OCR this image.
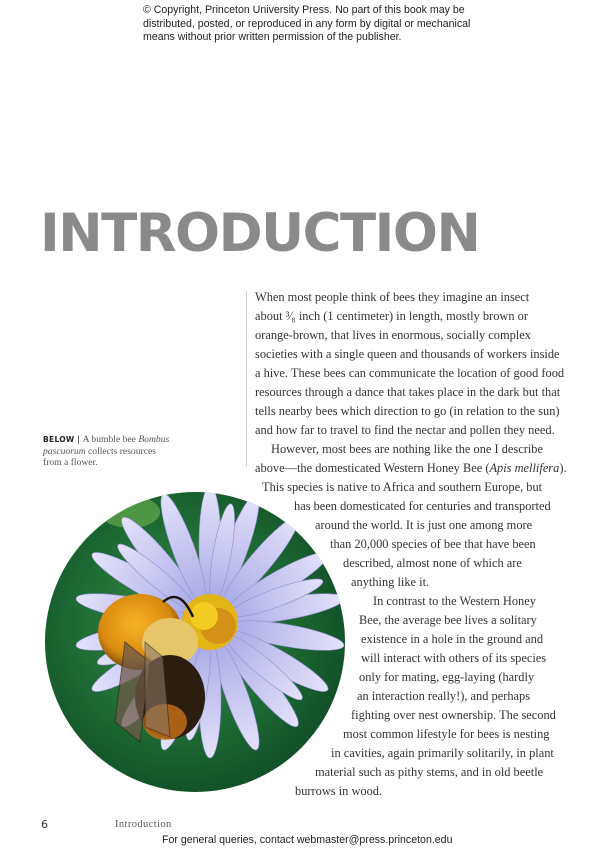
© Copyright, Princeton University Press. No part of this book may be
distributed, posted, or reproduced in any form by digital or mechanical
means without prior written permission of the publisher.
INTRODUCTION
When most people think of bees they imagine an insect
about ³⁄₈ inch (1 centimeter) in length, mostly brown or
orange-brown, that lives in enormous, socially complex
societies with a single queen and thousands of workers inside
a hive. These bees can communicate the location of good food
resources through a dance that takes place in the dark but that
tells nearby bees which direction to go (in relation to the sun)
and how far to travel to find the nectar and pollen they need.
However, most bees are nothing like the one I describe
above—the domesticated Western Honey Bee (Apis mellifera).
This species is native to Africa and southern Europe, but
has been domesticated for centuries and transported
around the world. It is just one among more
than 20,000 species of bee that have been
described, almost none of which are
anything like it.
In contrast to the Western Honey
Bee, the average bee lives a solitary
existence in a hole in the ground and
will interact with others of its species
only for mating, egg-laying (hardly
an interaction really!), and perhaps
fighting over nest ownership. The second
most common lifestyle for bees is nesting
in cavities, again primarily solitarily, in plant
material such as pithy stems, and in old beetle
burrows in wood.
BELOW | A bumble bee Bombus pascuorum collects resources from a flower.
6	Introduction
For general queries, contact webmaster@press.princeton.edu
